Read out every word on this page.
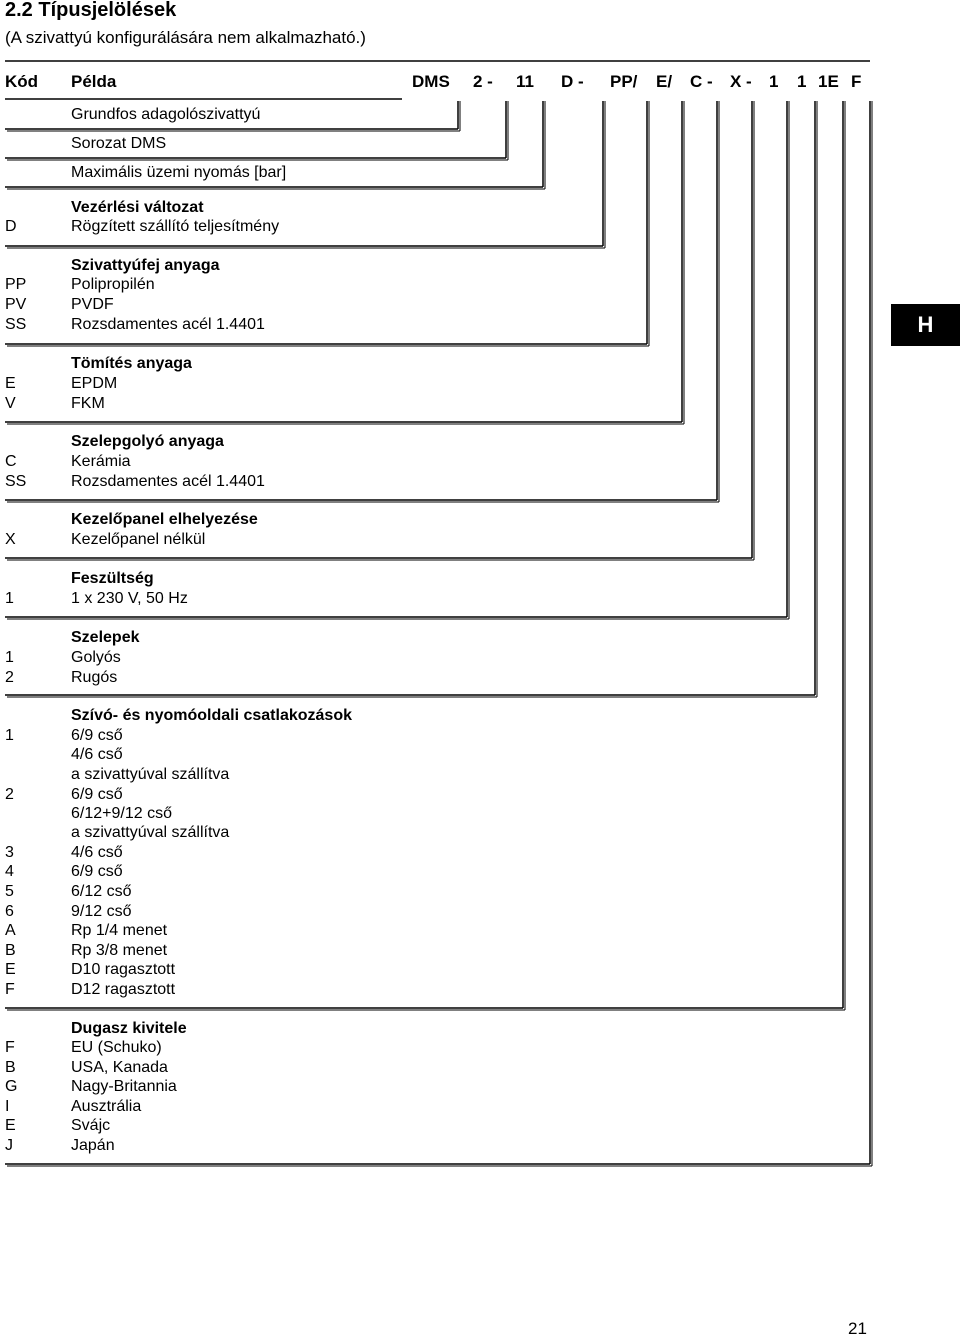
2.2 Típusjelölések
(A szivattyú konfigurálására nem alkalmazható.)
Kód Példa	DMS 2 - 11 D - PP/ E/ C - X - 1 1 1E F
Grundfos adagolószivattyú
Sorozat DMS
Maximális üzemi nyomás [bar]
Vezérlési változat
D	Rögzített szállító teljesítmény
Szivattyúfej anyaga
PP	Polipropilén
PV	PVDF
SS	Rozsdamentes acél 1.4401
Tömítés anyaga
E	EPDM
V	FKM
Szelepgolyó anyaga
C	Kerámia
SS	Rozsdamentes acél 1.4401
Kezelőpanel elhelyezése
X	Kezelőpanel nélkül
Feszültség
1	1 x 230 V, 50 Hz
Szelepek
1	Golyós
2	Rugós
Szívó- és nyomóoldali csatlakozások
1	6/9 cső
4/6 cső
a szivattyúval szállítva
2	6/9 cső
6/12+9/12 cső
a szivattyúval szállítva
3	4/6 cső
4	6/9 cső
5	6/12 cső
6	9/12 cső
A	Rp 1/4 menet
B	Rp 3/8 menet
E	D10 ragasztott
F	D12 ragasztott
Dugasz kivitele
F	EU (Schuko)
B	USA, Kanada
G	Nagy-Britannia
I	Ausztrália
E	Svájc
J	Japán
H
21
